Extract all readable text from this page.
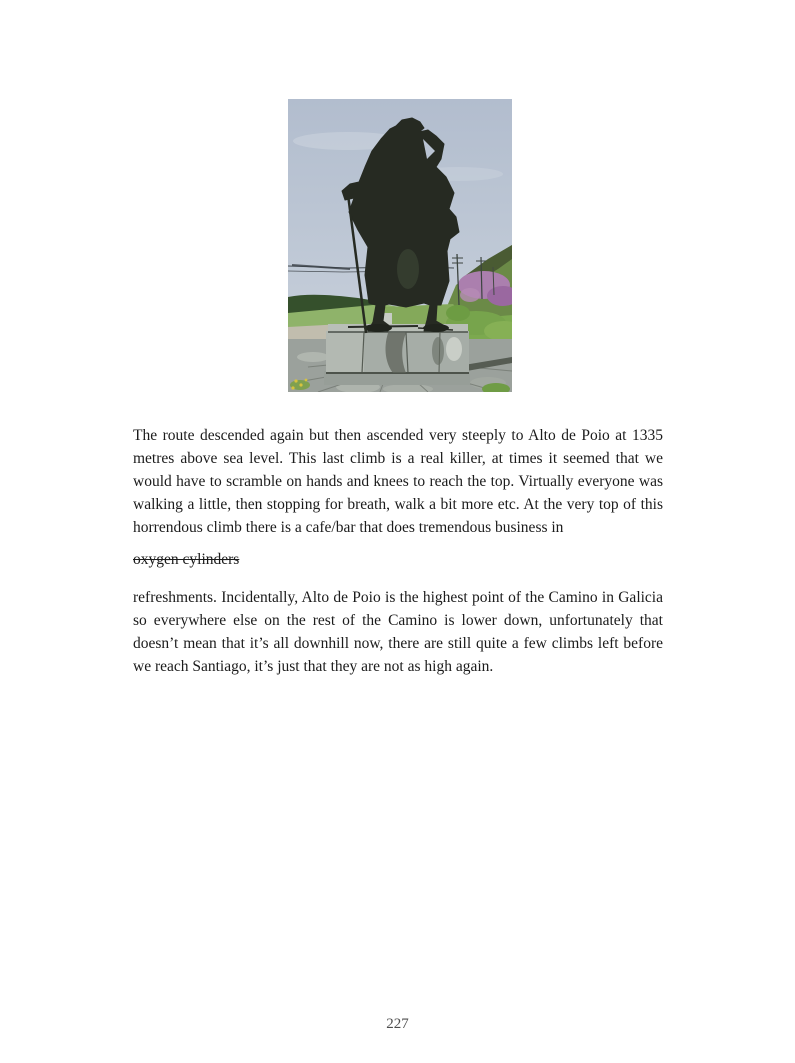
The route descended again but then ascended very steeply to Alto de Poio at 1335 metres above sea level. This last climb is a real killer, at times it seemed that we would have to scramble on hands and knees to reach the top. Virtually everyone was walking a little, then stopping for breath, walk a bit more etc. At the very top of this horrendous climb there is a cafe/bar that does tremendous business in

oxygen cylinders

refreshments. Incidentally, Alto de Poio is the highest point of the Camino in Galicia so everywhere else on the rest of the Camino is lower down, unfortunately that doesn’t mean that it’s all downhill now, there are still quite a few climbs left before we reach Santiago, it’s just that they are not as high again.

227
